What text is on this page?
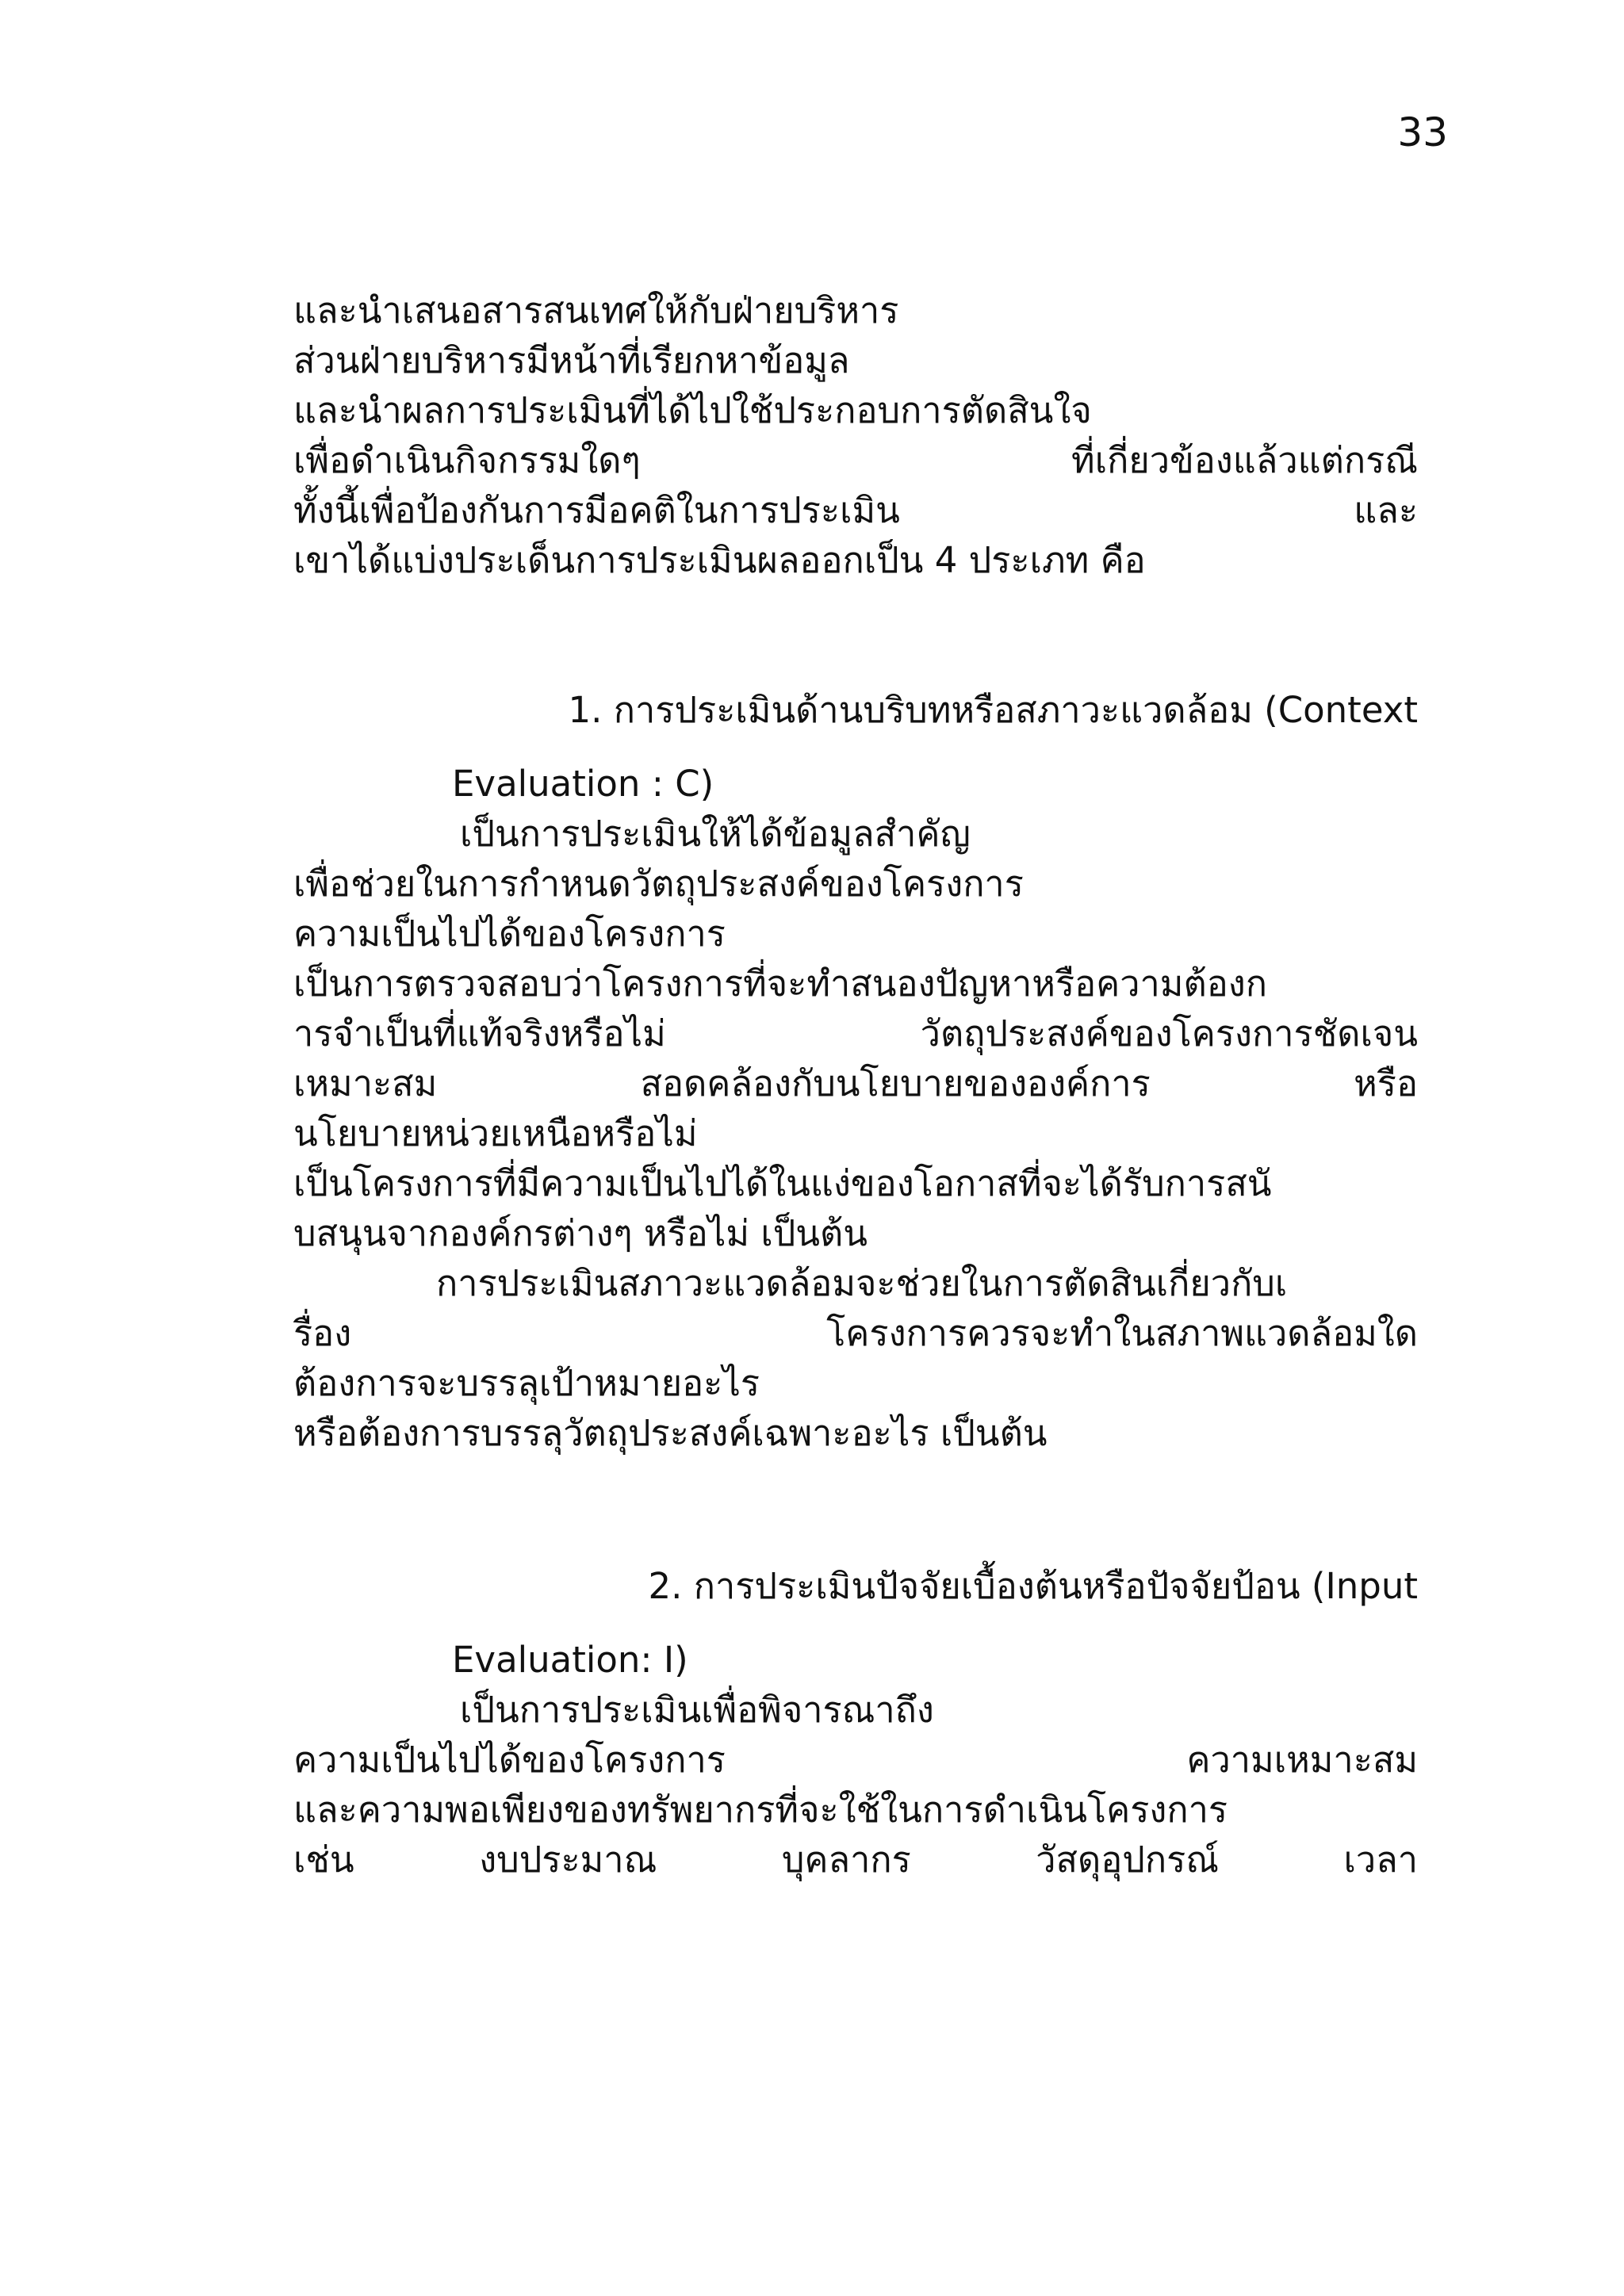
33
และนำเสนอสารสนเทศให้กับฝ่ายบริหาร
ส่วนฝ่ายบริหารมีหน้าที่เรียกหาข้อมูล
และนำผลการประเมินที่ได้ไปใช้ประกอบการตัดสินใจ
เพื่อดำเนินกิจกรรมใดๆ ที่เกี่ยวข้องแล้วแต่กรณี
ทั้งนี้เพื่อป้องกันการมีอคติในการประเมิน และ
เขาได้แบ่งประเด็นการประเมินผลออกเป็น 4 ประเภท คือ
1. การประเมินด้านบริบทหรือสภาวะแวดล้อม (Context
Evaluation : C)
เป็นการประเมินให้ได้ข้อมูลสำคัญ
เพื่อช่วยในการกำหนดวัตถุประสงค์ของโครงการ
ความเป็นไปได้ของโครงการ
เป็นการตรวจสอบว่าโครงการที่จะทำสนองปัญหาหรือความต้องก
ารจำเป็นที่แท้จริงหรือไม่ วัตถุประสงค์ของโครงการชัดเจน
เหมาะสม สอดคล้องกับนโยบายขององค์การ หรือ
นโยบายหน่วยเหนือหรือไม่
เป็นโครงการที่มีความเป็นไปได้ในแง่ของโอกาสที่จะได้รับการสนั
บสนุนจากองค์กรต่างๆ หรือไม่ เป็นต้น
การประเมินสภาวะแวดล้อมจะช่วยในการตัดสินเกี่ยวกับเ
รื่อง โครงการควรจะทำในสภาพแวดล้อมใด
ต้องการจะบรรลุเป้าหมายอะไร
หรือต้องการบรรลุวัตถุประสงค์เฉพาะอะไร เป็นต้น
2. การประเมินปัจจัยเบื้องต้นหรือปัจจัยป้อน (Input
Evaluation: I)
เป็นการประเมินเพื่อพิจารณาถึง
ความเป็นไปได้ของโครงการ ความเหมาะสม
และความพอเพียงของทรัพยากรที่จะใช้ในการดำเนินโครงการ
เช่น งบประมาณ บุคลากร วัสดุอุปกรณ์ เวลา
